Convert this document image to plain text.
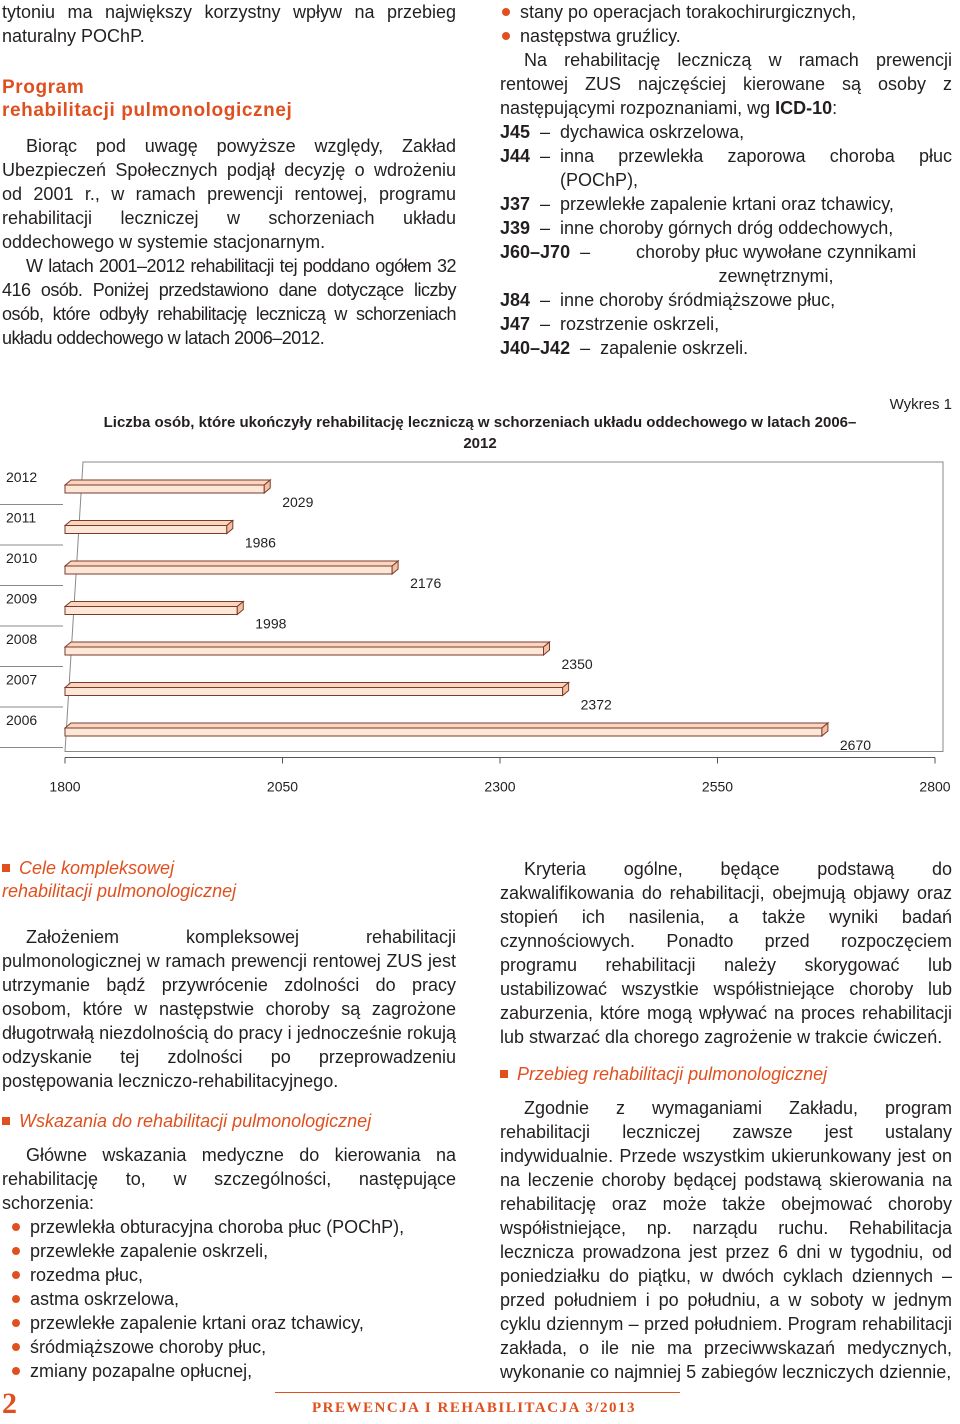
tytoniu ma największy korzystny wpływ na przebieg naturalny POChP.

Program
rehabilitacji pulmonologicznej

Biorąc pod uwagę powyższe względy, Zakład Ubezpieczeń Społecznych podjął decyzję o wdrożeniu od 2001 r., w ramach prewencji rentowej, programu rehabilitacji leczniczej w schorzeniach układu oddechowego w systemie stacjonarnym.

W latach 2001–2012 rehabilitacji tej poddano ogółem 32 416 osób. Poniżej przedstawiono dane dotyczące liczby osób, które odbyły rehabilitację leczniczą w schorzeniach układu oddechowego w latach 2006–2012.

stany po operacjach torakochirurgicznych,
następstwa gruźlicy.

Na rehabilitację leczniczą w ramach prewencji rentowej ZUS najczęściej kierowane są osoby z następującymi rozpoznaniami, wg ICD-10:

J45 – dychawica oskrzelowa,
J44 – inna przewlekła zaporowa choroba płuc (POChP),
J37 – przewlekłe zapalenie krtani oraz tchawicy,
J39 – inne choroby górnych dróg oddechowych,
J60–J70 –	choroby płuc wywołane czynnikami zewnętrznymi,
J84 – inne choroby śródmiąższowe płuc,
J47 – rozstrzenie oskrzeli,
J40–J42 – zapalenie oskrzeli.
Wykres 1
Liczba osób, które ukończyły rehabilitację leczniczą w schorzeniach układu oddechowego w latach 2006–2012
2012
2011
2010
2009
2008
2007
2006
2029
1986
2176
1998
2350
2372
2670
1800	2050	2300	2550	2800

Cele kompleksowej
rehabilitacji pulmonologicznej

Założeniem kompleksowej rehabilitacji pulmonologicznej w ramach prewencji rentowej ZUS jest utrzymanie bądź przywrócenie zdolności do pracy osobom, które w następstwie choroby są zagrożone długotrwałą niezdolnością do pracy i jednocześnie rokują odzyskanie tej zdolności po przeprowadzeniu postępowania leczniczo-rehabilitacyjnego.

Wskazania do rehabilitacji pulmonologicznej

Główne wskazania medyczne do kierowania na rehabilitację to, w szczególności, następujące schorzenia:

przewlekła obturacyjna choroba płuc (POChP),
przewlekłe zapalenie oskrzeli,
rozedma płuc,
astma oskrzelowa,
przewlekłe zapalenie krtani oraz tchawicy,
śródmiąższowe choroby płuc,
zmiany pozapalne opłucnej,

Kryteria ogólne, będące podstawą do zakwalifikowania do rehabilitacji, obejmują objawy oraz stopień ich nasilenia, a także wyniki badań czynnościowych. Ponadto przed rozpoczęciem programu rehabilitacji należy skorygować lub ustabilizować wszystkie współistniejące choroby lub zaburzenia, które mogą wpływać na proces rehabilitacji lub stwarzać dla chorego zagrożenie w trakcie ćwiczeń.

Przebieg rehabilitacji pulmonologicznej

Zgodnie z wymaganiami Zakładu, program rehabilitacji leczniczej zawsze jest ustalany indywidualnie. Przede wszystkim ukierunkowany jest on na leczenie choroby będącej podstawą skierowania na rehabilitację oraz może także obejmować choroby współistniejące, np. narządu ruchu. Rehabilitacja lecznicza prowadzona jest przez 6 dni w tygodniu, od poniedziałku do piątku, w dwóch cyklach dziennych – przed południem i po południu, a w soboty w jednym cyklu dziennym – przed południem. Program rehabilitacji zakłada, o ile nie ma przeciwwskazań medycznych, wykonanie co najmniej 5 zabiegów leczniczych dziennie,

2	PREWENCJA I REHABILITACJA 3/2013
